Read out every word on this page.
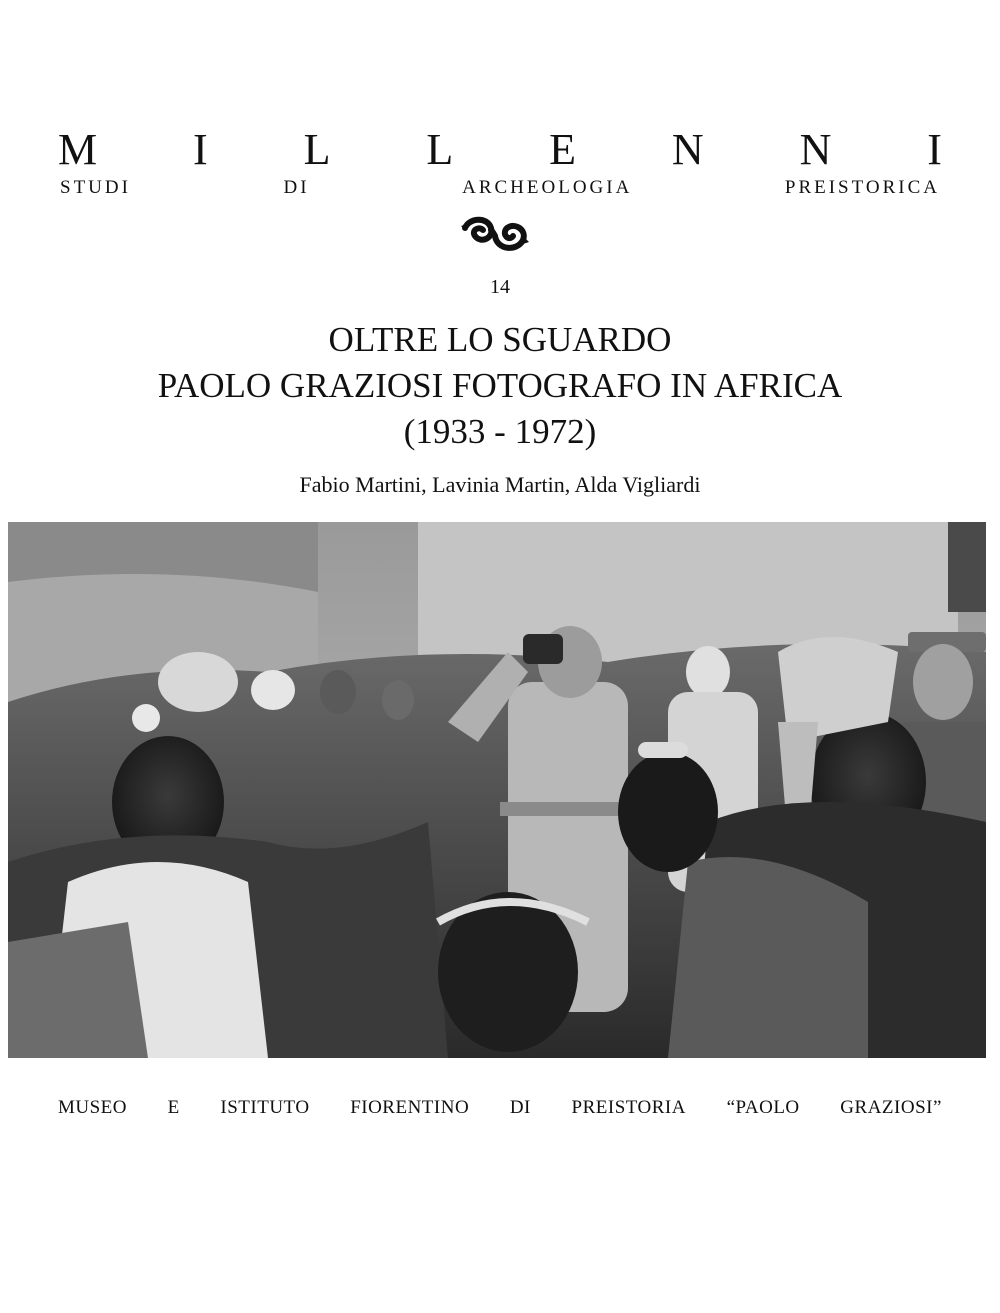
M I L L E N N I
STUDI	DI	ARCHEOLOGIA	PREISTORICA
14
OLTRE LO SGUARDO
PAOLO GRAZIOSI FOTOGRAFO IN AFRICA
(1933 - 1972)
Fabio Martini, Lavinia Martin, Alda Vigliardi
MUSEO E ISTITUTO FIORENTINO DI PREISTORIA “PAOLO GRAZIOSI”
